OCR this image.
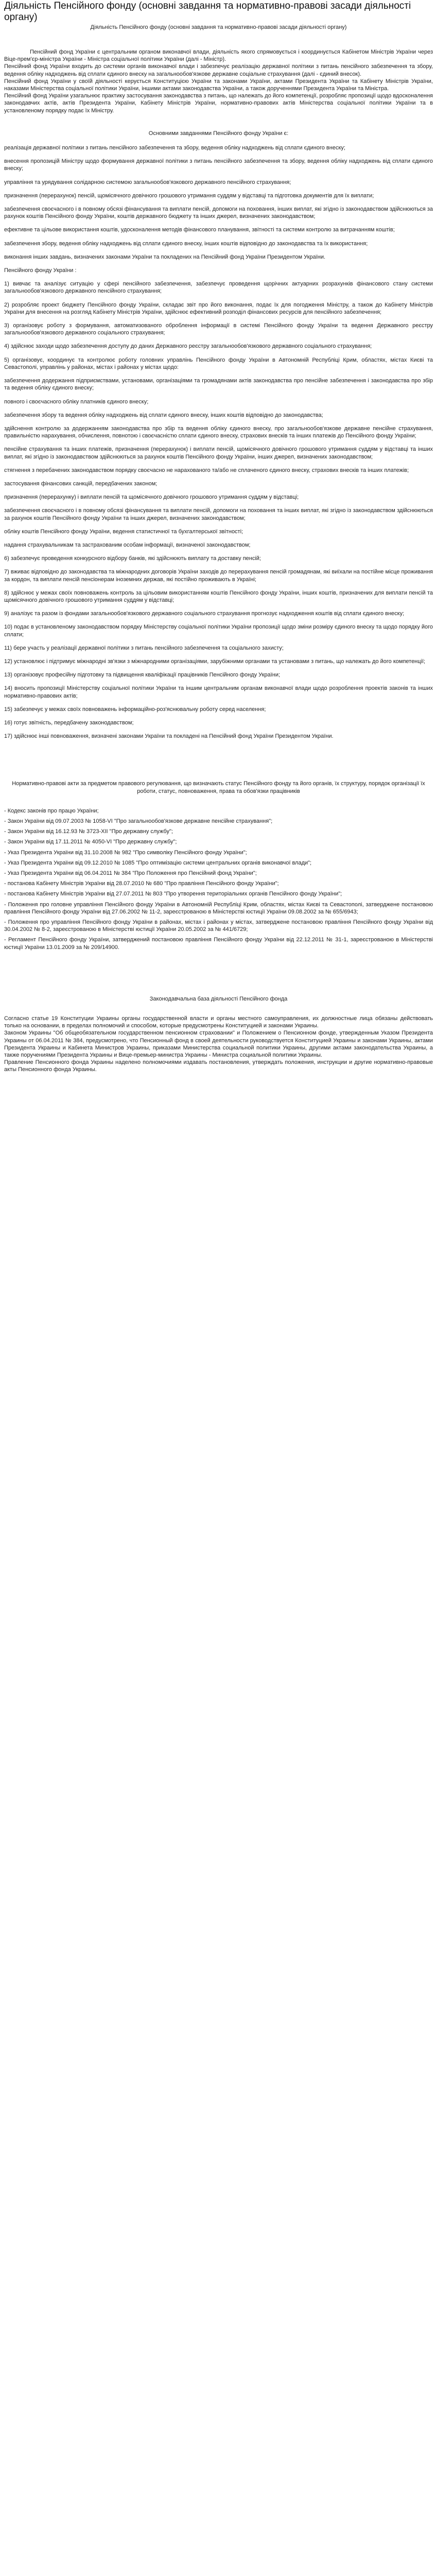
Діяльність Пенсійного фонду (основні завдання та нормативно-правові засади діяльності органу)
Діяльність Пенсійного фонду (основні завдання та нормативно-правові засади діяльності органу)

Пенсійний фонд України є центральним органом виконавчої влади, діяльність якого спрямовується і координується Кабінетом Міністрів України через Віце-прем'єр-міністра України - Міністра соціальної політики України (далі - Міністр).

Пенсійний фонд України входить до системи органів виконавчої влади і забезпечує реалізацію державної політики з питань пенсійного забезпечення та збору, ведення обліку надходжень від сплати єдиного внеску на загальнообов'язкове державне соціальне страхування (далі - єдиний внесок).

Пенсійний фонд України у своїй діяльності керується Конституцією України та законами України, актами Президента України та Кабінету Міністрів України, наказами Міністерства соціальної політики України, іншими актами законодавства України, а також дорученнями Президента України та Міністра.

Пенсійний фонд України узагальнює практику застосування законодавства з питань, що належать до його компетенції, розробляє пропозиції щодо вдосконалення законодавчих актів, актів Президента України, Кабінету Міністрів України, нормативно-правових актів Міністерства соціальної політики України та в установленому порядку подає їх Міністру.

Основними завданнями Пенсійного фонду України є:

реалізація державної політики з питань пенсійного забезпечення та збору, ведення обліку надходжень від сплати єдиного внеску;

внесення пропозицій Міністру щодо формування державної політики з питань пенсійного забезпечення та збору, ведення обліку надходжень від сплати єдиного внеску;

управління та урядування солідарною системою загальнообов'язкового державного пенсійного страхування;

призначення (перерахунок) пенсій, щомісячного довічного грошового утримання суддям у відставці та підготовка документів для їх виплати;

забезпечення своєчасного і в повному обсязі фінансування та виплати пенсій, допомоги на поховання, інших виплат, які згідно із законодавством здійснюються за рахунок коштів Пенсійного фонду України, коштів державного бюджету та інших джерел, визначених законодавством;

ефективне та цільове використання коштів, удосконалення методів фінансового планування, звітності та системи контролю за витрачанням коштів;

забезпечення збору, ведення обліку надходжень від сплати єдиного внеску, інших коштів відповідно до законодавства та їх використання;

виконання інших завдань, визначених законами України та покладених на Пенсійний фонд України Президентом України.

Пенсійного фонду України :

1) вивчає та аналізує ситуацію у сфері пенсійного забезпечення, забезпечує проведення щорічних актуарних розрахунків фінансового стану системи загальнообов'язкового державного пенсійного страхування;

2) розробляє проект бюджету Пенсійного фонду України, складає звіт про його виконання, подає їх для погодження Міністру, а також до Кабінету Міністрів України для внесення на розгляд Кабінету Міністрів України, здійснює ефективний розподіл фінансових ресурсів для пенсійного забезпечення;

3) організовує роботу з формування, автоматизованого оброблення інформації в системі Пенсійного фонду України та ведення Державного реєстру загальнообов'язкового державного соціального страхування;

4) здійснює заходи щодо забезпечення доступу до даних Державного реєстру загальнообов'язкового державного соціального страхування;

5) організовує, координує та контролює роботу головних управлінь Пенсійного фонду України в Автономній Республіці Крим, областях, містах Києві та Севастополі, управлінь у районах, містах і районах у містах щодо:

забезпечення додержання підприємствами, установами, організаціями та громадянами актів законодавства про пенсійне забезпечення і законодавства про збір та ведення обліку єдиного внеску;

повного і своєчасного обліку платників єдиного внеску;

забезпечення збору та ведення обліку надходжень від сплати єдиного внеску, інших коштів відповідно до законодавства;

здійснення контролю за додержанням законодавства про збір та ведення обліку єдиного внеску, про загальнообов'язкове державне пенсійне страхування, правильністю нарахування, обчислення, повнотою і своєчасністю сплати єдиного внеску, страхових внесків та інших платежів до Пенсійного фонду України;

пенсійне страхування та інших платежів, призначення (перерахунок) і виплати пенсій, щомісячного довічного грошового утримання суддям у відставці та інших виплат, які згідно із законодавством здійснюються за рахунок коштів Пенсійного фонду України, інших джерел, визначених законодавством;

стягнення з перебачених законодавством порядку своєчасно не нарахованого та/або не сплаченого єдиного внеску, страхових внесків та інших платежів;

застосування фінансових санкцій, передбачених законом;

призначення (перерахунку) і виплати пенсій та щомісячного довічного грошового утримання суддям у відставці;

забезпечення своєчасного і в повному обсязі фінансування та виплати пенсій, допомоги на поховання та інших виплат, які згідно із законодавством здійснюються за рахунок коштів Пенсійного фонду України та інших джерел, визначених законодавством;

обліку коштів Пенсійного фонду України, ведення статистичної та бухгалтерської звітності;

надання страхувальникам та застрахованим особам інформації, визначеної законодавством;

6) забезпечує проведення конкурсного відбору банків, які здійснюють виплату та доставку пенсій;

7) вживає відповідно до законодавства та міжнародних договорів України заходів до перерахування пенсій громадянам, які виїхали на постійне місце проживання за кордон, та виплати пенсій пенсіонерам іноземних держав, які постійно проживають в Україні;

8) здійснює у межах своїх повноважень контроль за цільовим використанням коштів Пенсійного фонду України, інших коштів, призначених для виплати пенсій та щомісячного довічного грошового утримання суддям у відставці;

9) аналізує та разом із фондами загальнообов'язкового державного соціального страхування прогнозує надходження коштів від сплати єдиного внеску;

10) подає в установленому законодавством порядку Міністерству соціальної політики України пропозиції щодо зміни розміру єдиного внеску та щодо порядку його сплати;

11) бере участь у реалізації державної політики з питань пенсійного забезпечення та соціального захисту;

12) установлює і підтримує міжнародні зв'язки з міжнародними організаціями, зарубіжними органами та установами з питань, що належать до його компетенції;

13) організовує професійну підготовку та підвищення кваліфікації працівників Пенсійного фонду України;

14) вносить пропозиції Міністерству соціальної політики України та іншим центральним органам виконавчої влади щодо розроблення проектів законів та інших нормативно-правових актів;

15) забезпечує у межах своїх повноважень інформаційно-роз'яснювальну роботу серед населення;

16) готує звітність, передбачену законодавством;

17) здійснює інші повноваження, визначені законами України та покладені на Пенсійний фонд України Президентом України.

Нормативно-правові акти за предметом правового регулювання, що визначають статус Пенсійного фонду та його органів, їх структуру, порядок організації їх роботи, статус, повноваження, права та обов'язки працівників

- Кодекс законів про працю України;

- Закон України від 09.07.2003 № 1058-VI "Про загальнообов'язкове державне пенсійне страхування";

- Закон України від 16.12.93 № 3723-XII "Про державну службу";

- Закон України від 17.11.2011 № 4050-VI "Про державну службу";

- Указ Президента України від 31.10.2008 № 982 "Про символіку Пенсійного фонду України";

- Указ Президента України від 09.12.2010 № 1085 "Про оптимізацію системи центральних органів виконавчої влади";

- Указ Президента України від 06.04.2011 № 384 "Про Положення про Пенсійний фонд України";

- постанова Кабінету Міністрів України від 28.07.2010 № 680 "Про правління Пенсійного фонду України";

- постанова Кабінету Міністрів України від 27.07.2011 № 803 "Про утворення територіальних органів Пенсійного фонду України";

- Положення про головне управління Пенсійного фонду України в Автономній Республіці Крим, областях, містах Києві та Севастополі, затверджене постановою правління Пенсійного фонду України від 27.06.2002 № 11-2, зареєстрованою в Міністерстві юстиції України 09.08.2002 за № 655/6943;

- Положення про управління Пенсійного фонду України в районах, містах і районах у містах, затверджене постановою правління Пенсійного фонду України від 30.04.2002 № 8-2, зареєстрованою в Міністерстві юстиції України 20.05.2002 за № 441/6729;

- Регламент Пенсійного фонду України, затверджений постановою правління Пенсійного фонду України від 22.12.2011 № 31-1, зареєстрованою в Міністерстві юстиції України 13.01.2009 за № 209/14900.

Законодавчальна база діяльності Пенсійного фонда

Согласно статье 19 Конституции Украины органы государственной власти и органы местного самоуправления, их должностные лица обязаны действовать только на основании, в пределах полномочий и способом, которые предусмотрены Конституцией и законами Украины.

Законом Украины "Об общеобязательном государственном пенсионном страховании" и Положением о Пенсионном фонде, утвержденным Указом Президента Украины от 06.04.2011 № 384, предусмотрено, что Пенсионный фонд в своей деятельности руководствуется Конституцией Украины и законами Украины, актами Президента Украины и Кабинета Министров Украины, приказами Министерства социальной политики Украины, другими актами законодательства Украины, а также поручениями Президента Украины и Вице-премьер-министра Украины - Министра социальной политики Украины.

Правление Пенсионного фонда Украины наделено полномочиями издавать постановления, утверждать положения, инструкции и другие нормативно-правовые акты Пенсионного фонда Украины.
